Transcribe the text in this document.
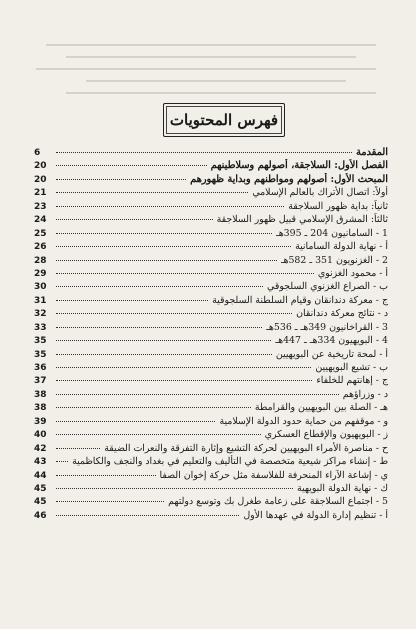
فهرس المحتويات
المقدمة
6
الفصل الأول: السلاجقة، أصولهم وسلاطينهم
20
المبحث الأول: أصولهم ومواطنهم وبداية ظهورهم
20
أولاً: اتصال الأتراك بالعالم الإسلامي
21
ثانياً: بداية ظهور السلاجقة
23
ثالثاً: المشرق الإسلامي قبيل ظهور السلاجقة
24
1 - السامانيون 204 ـ 395هـ
25
أ - نهاية الدولة السامانية
26
2 - الغزنويون 351 ـ 582هـ
28
أ - محمود الغزنوي
29
ب - الصراع الغزنوي السلجوقي
30
ج - معركة دندانقان وقيام السلطنة السلجوقية
31
د - نتائج معركة دندانقان
32
3 - القراخانيون 349هـ ـ 536هـ
33
4 - البويهيون 334هـ ـ 447هـ
35
أ - لمحة تاريخية عن البويهيين
35
ب - تشيع البويهيين
36
ج - إهانتهم للخلفاء
37
د - وزراؤهم
38
هـ - الصلة بين البويهيين والقرامطة
38
و - موقفهم من حماية حدود الدولة الإسلامية
39
ز - البويهيون والإقطاع العسكري
40
ح - مناصرة الأمراء البويهيين لحركة التشيع وإثارة التفرقة والنعرات الضيقة
42
ط - إنشاء مراكز شيعية متخصصة في التأليف والتعليم في بغداد والنجف والكاظمية
43
ي - إشاعة الآراء المنحرفة للفلاسفة مثل حركة إخوان الصفا
44
ك - نهاية الدولة البويهية
45
5 - اجتماع السلاجقة على زعامة طغرل بك وتوسع دولتهم
45
أ - تنظيم إدارة الدولة في عهدها الأول
46
